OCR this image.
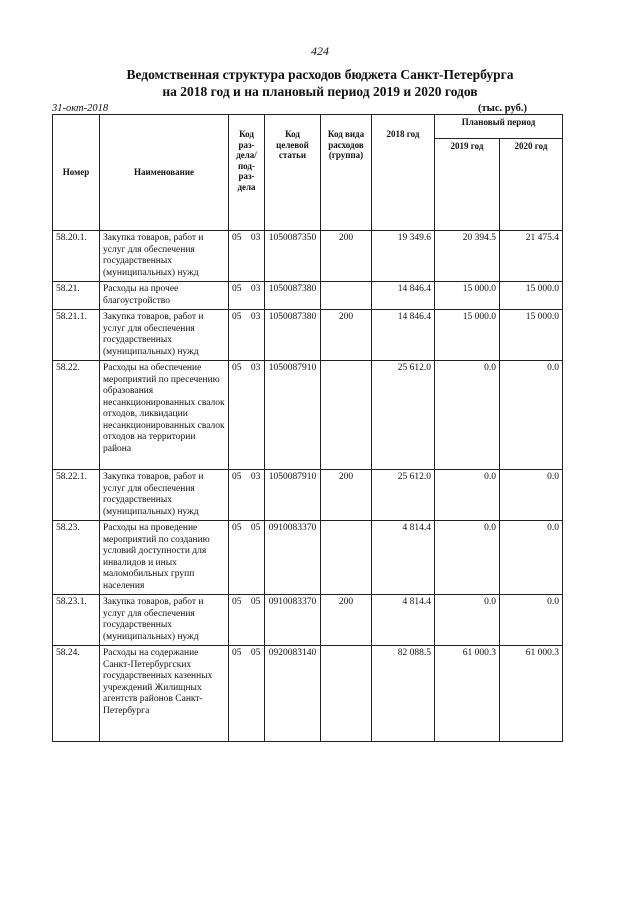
424
Ведомственная структура расходов бюджета Санкт-Петербурга
на 2018 год и на плановый период 2019 и 2020 годов
31-окт-2018	(тыс. руб.)
Номер	Наименование	Код раз-дела/ под-раз-дела	Код целевой статьи	Код вида расходов (группа)	2018 год	Плановый период	
						2019 год	2020 год
58.20.1.	Закупка товаров, работ и услуг для обеспечения государственных (муниципальных) нужд	05 03	1050087350	200	19 349.6	20 394.5	21 475.4
58.21.	Расходы на прочее благоустройство	05 03	1050087380		14 846.4	15 000.0	15 000.0
58.21.1.	Закупка товаров, работ и услуг для обеспечения государственных (муниципальных) нужд	05 03	1050087380	200	14 846.4	15 000.0	15 000.0
58.22.	Расходы на обеспечение мероприятий по пресечению образования несанкционированных свалок отходов, ликвидации несанкционированных свалок отходов на территории района	05 03	1050087910		25 612.0	0.0	0.0
58.22.1.	Закупка товаров, работ и услуг для обеспечения государственных (муниципальных) нужд	05 03	1050087910	200	25 612.0	0.0	0.0
58.23.	Расходы на проведение мероприятий по созданию условий доступности для инвалидов и иных маломобильных групп населения	05 05	0910083370		4 814.4	0.0	0.0
58.23.1.	Закупка товаров, работ и услуг для обеспечения государственных (муниципальных) нужд	05 05	0910083370	200	4 814.4	0.0	0.0
58.24.	Расходы на содержание Санкт-Петербургских государственных казенных учреждений Жилищных агентств районов Санкт-Петербурга	05 05	0920083140		82 088.5	61 000.3	61 000.3
